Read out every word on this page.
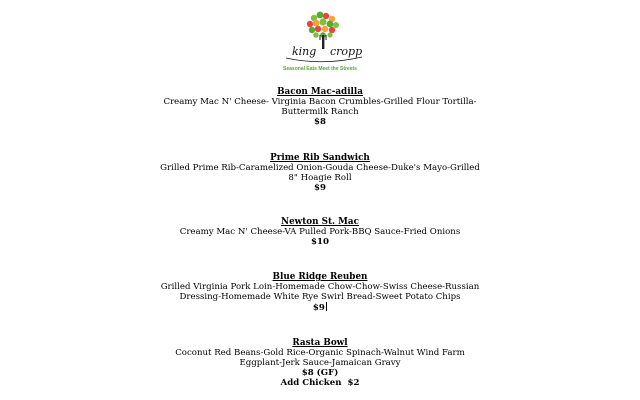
king cropp
Seasonal Eats Meet the Streets
Bacon Mac-adilla
Creamy Mac N' Cheese- Virginia Bacon Crumbles-Grilled Flour Tortilla-Buttermilk Ranch
$8
Prime Rib Sandwich
Grilled Prime Rib-Caramelized Onion-Gouda Cheese-Duke's Mayo-Grilled 8" Hoagie Roll
$9
Newton St. Mac
Creamy Mac N' Cheese-VA Pulled Pork-BBQ Sauce-Fried Onions
$10
Blue Ridge Reuben
Grilled Virginia Pork Loin-Homemade Chow-Chow-Swiss Cheese-Russian Dressing-Homemade White Rye Swirl Bread-Sweet Potato Chips
$9
Rasta Bowl
Coconut Red Beans-Gold Rice-Organic Spinach-Walnut Wind Farm Eggplant-Jerk Sauce-Jamaican Gravy
$8 (GF)
Add Chicken  $2
